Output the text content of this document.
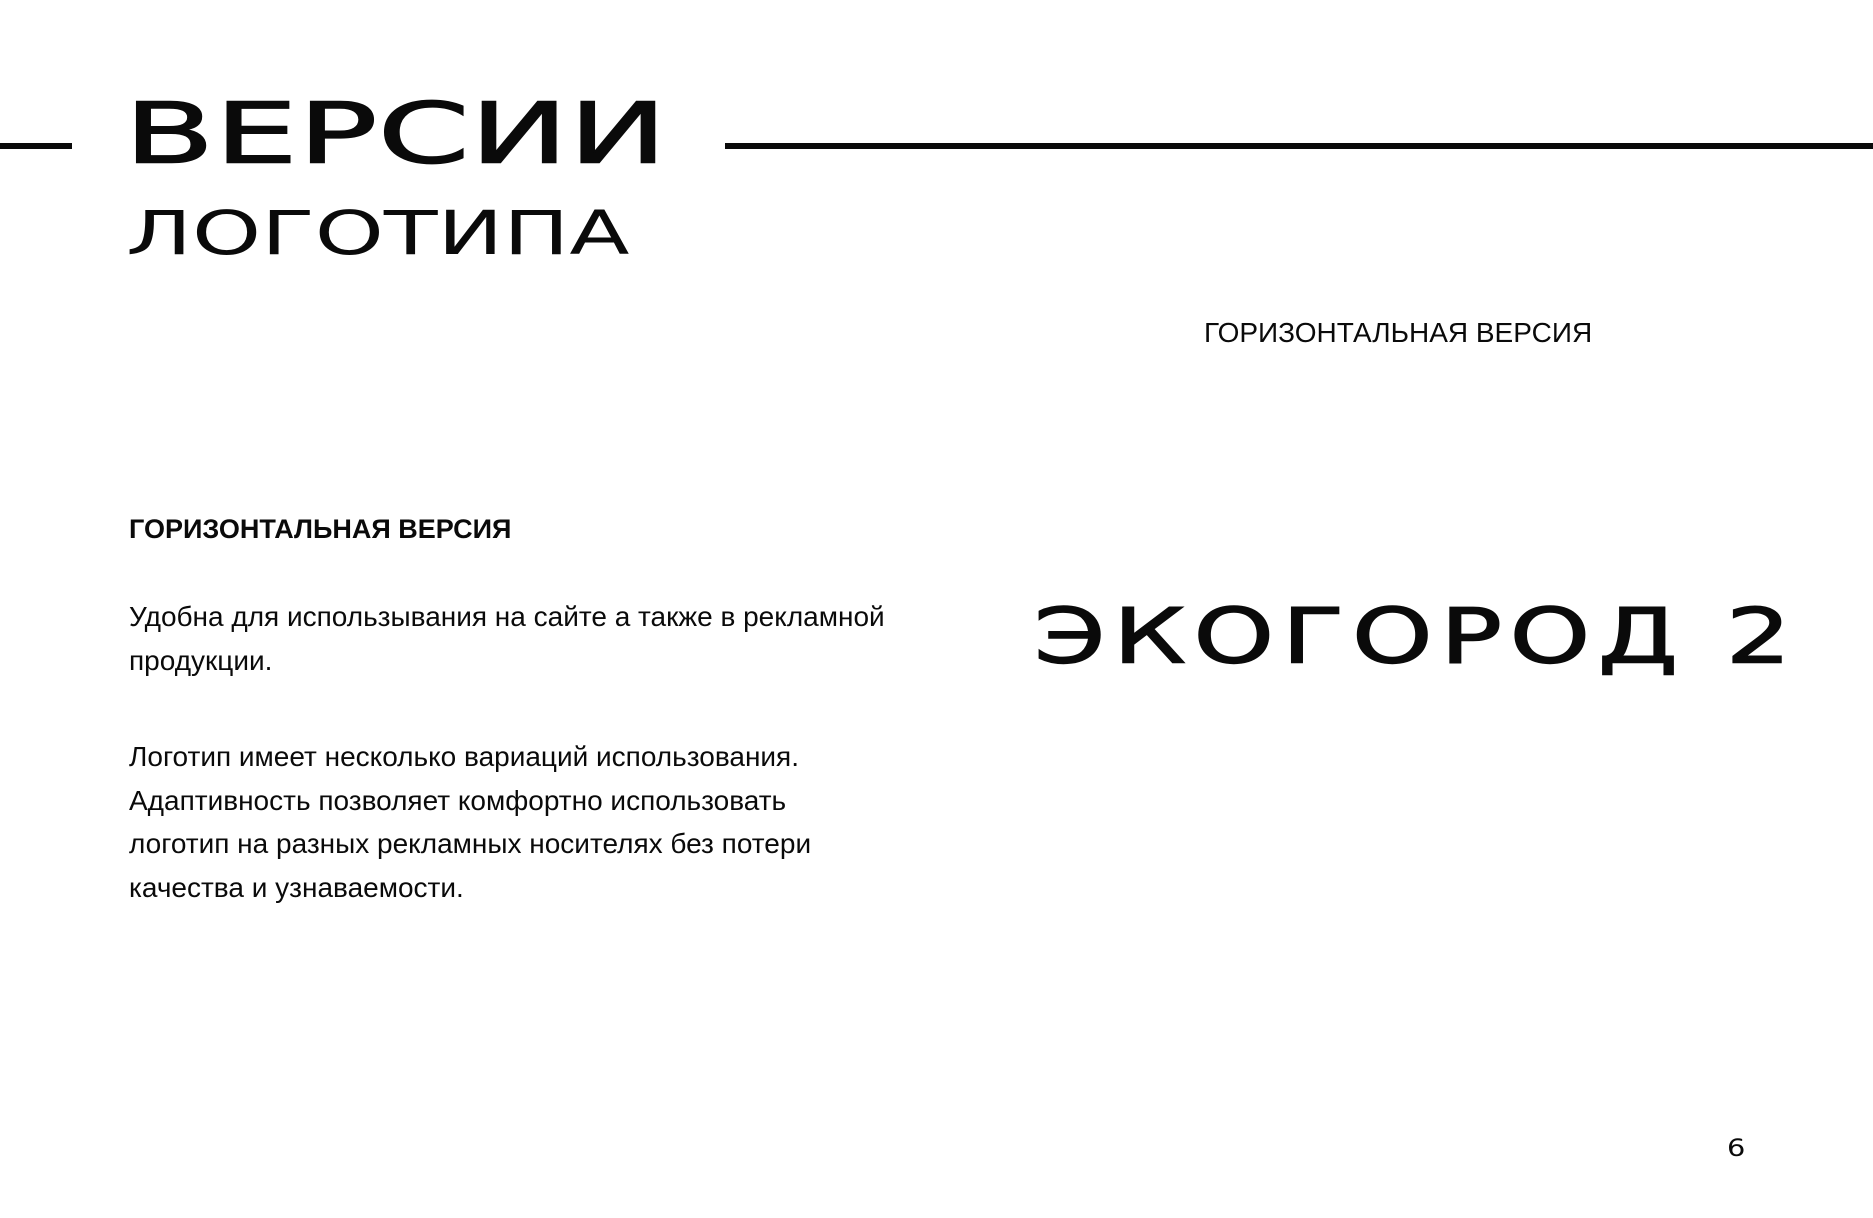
ВЕРСИИ
ЛОГОТИПА
ГОРИЗОНТАЛЬНАЯ ВЕРСИЯ
ГОРИЗОНТАЛЬНАЯ ВЕРСИЯ

Удобна для использывания на сайте а также в рекламной продукции.

Логотип имеет несколько вариаций использования. Адаптивность позволяет комфортно использовать логотип на разных рекламных носителях без потери качества и узнаваемости.

ЭКОГОРОД 2
6
